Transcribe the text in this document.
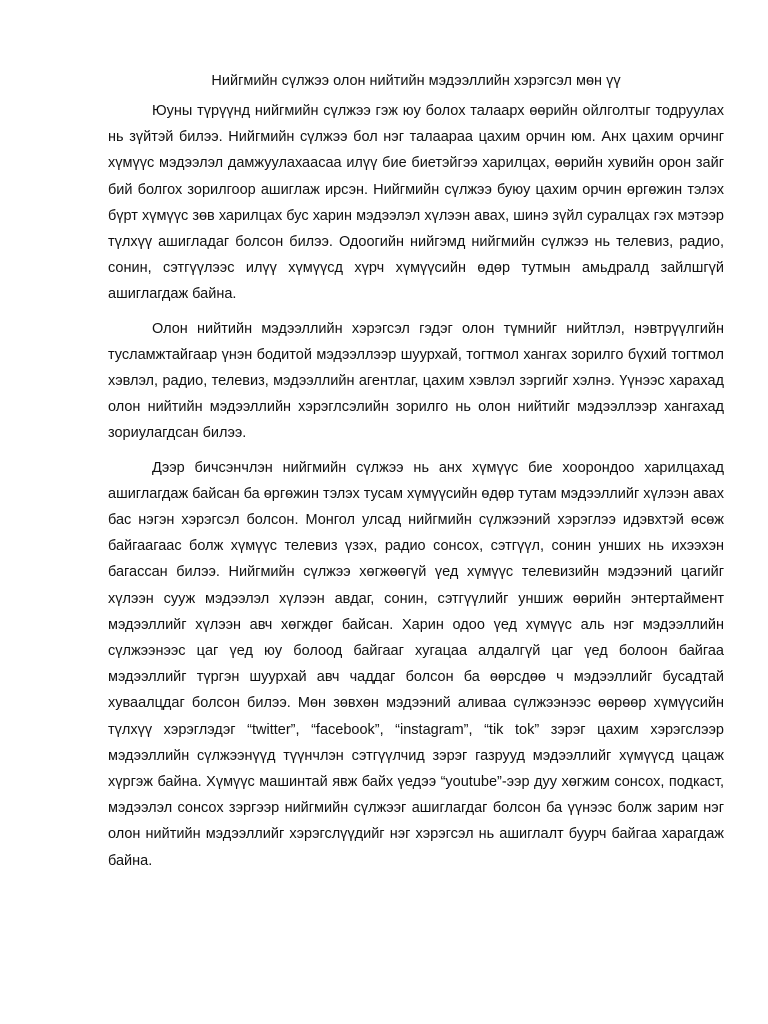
Нийгмийн сүлжээ олон нийтийн мэдээллийн хэрэгсэл мөн үү

Юуны түрүүнд нийгмийн сүлжээ гэж юу болох талаарх өөрийн ойлголтыг тодруулах нь зүйтэй билээ. Нийгмийн сүлжээ бол нэг талаараа цахим орчин юм. Анх цахим орчинг хүмүүс мэдээлэл дамжуулахаасаа илүү бие биетэйгээ харилцах, өөрийн хувийн орон зайг бий болгох зорилгоор ашиглаж ирсэн. Нийгмийн сүлжээ буюу цахим орчин өргөжин тэлэх бүрт хүмүүс зөв харилцах бус харин мэдээлэл хүлээн авах, шинэ зүйл суралцах гэх мэтээр түлхүү ашигладаг болсон билээ. Одоогийн нийгэмд нийгмийн сүлжээ нь телевиз, радио, сонин, сэтгүүлээс илүү хүмүүсд хүрч хүмүүсийн өдөр тутмын амьдралд зайлшгүй ашиглагдаж байна.

Олон нийтийн мэдээллийн хэрэгсэл гэдэг олон түмнийг нийтлэл, нэвтрүүлгийн тусламжтайгаар үнэн бодитой мэдээллээр шуурхай, тогтмол хангах зорилго бүхий тогтмол хэвлэл, радио, телевиз, мэдээллийн агентлаг, цахим хэвлэл зэргийг хэлнэ. Үүнээс харахад олон нийтийн мэдээллийн хэрэглсэлийн зорилго нь олон нийтийг мэдээллээр хангахад зориулагдсан билээ.

Дээр бичсэнчлэн нийгмийн сүлжээ нь анх хүмүүс бие хоорондоо харилцахад ашиглагдаж байсан ба өргөжин тэлэх тусам хүмүүсийн өдөр тутам мэдээллийг хүлээн авах бас нэгэн хэрэгсэл болсон. Монгол улсад нийгмийн сүлжээний хэрэглээ идэвхтэй өсөж байгаагаас болж хүмүүс телевиз үзэх, радио сонсох, сэтгүүл, сонин унших нь ихээхэн багассан билээ. Нийгмийн сүлжээ хөгжөөгүй үед хүмүүс телевизийн мэдээний цагийг хүлээн сууж мэдээлэл хүлээн авдаг, сонин, сэтгүүлийг уншиж өөрийн энтертаймент мэдээллийг хүлээн авч хөгждөг байсан. Харин одоо үед хүмүүс аль нэг мэдээллийн сүлжээнээс цаг үед юу болоод байгааг хугацаа алдалгүй цаг үед болоон байгаа мэдээллийг түргэн шуурхай авч чаддаг болсон ба өөрсдөө ч мэдээллийг бусадтай хуваалцдаг болсон билээ. Мөн зөвхөн мэдээний аливаа сүлжээнээс өөрөөр хүмүүсийн түлхүү хэрэглэдэг “twitter”, “facebook”, “instagram”, “tik tok” зэрэг цахим хэрэгслээр мэдээллийн сүлжээнүүд түүнчлэн сэтгүүлчид зэрэг газрууд мэдээллийг хүмүүсд цацаж хүргэж байна. Хүмүүс машинтай явж байх үедээ “youtube”-ээр дуу хөгжим сонсох, подкаст, мэдээлэл сонсох зэргээр нийгмийн сүлжээг ашиглагдаг болсон ба үүнээс болж зарим нэг олон нийтийн мэдээллийг хэрэгслүүдийг нэг хэрэгсэл нь ашиглалт буурч байгаа харагдаж байна.
